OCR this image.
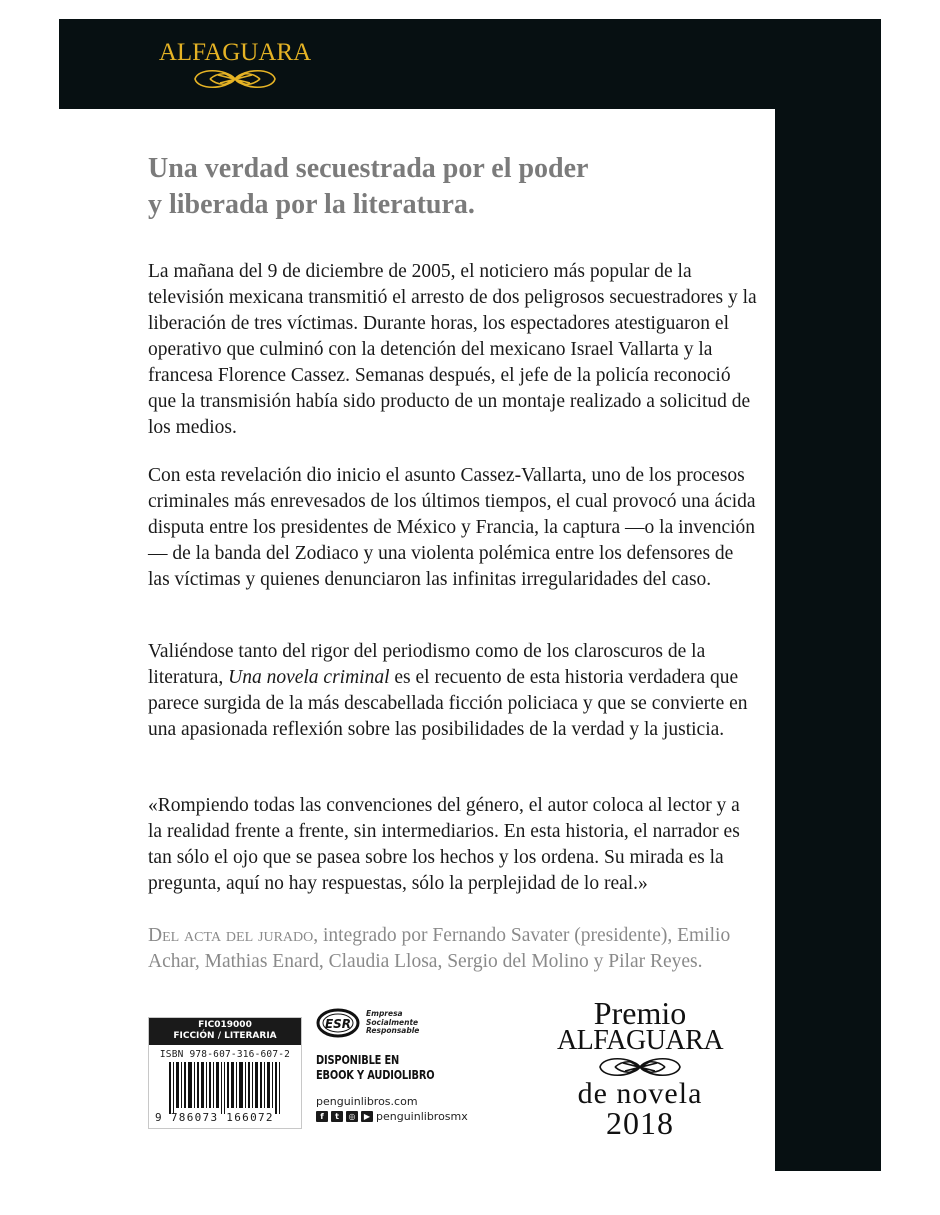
ALFAGUARA
Una verdad secuestrada por el poder
y liberada por la literatura.
La mañana del 9 de diciembre de 2005, el noticiero más popular de la televisión mexicana transmitió el arresto de dos peligrosos secuestradores y la liberación de tres víctimas. Durante horas, los espectadores atestiguaron el operativo que culminó con la detención del mexicano Israel Vallarta y la francesa Florence Cassez. Semanas después, el jefe de la policía reconoció que la transmisión había sido producto de un montaje realizado a solicitud de los medios.
Con esta revelación dio inicio el asunto Cassez-Vallarta, uno de los procesos criminales más enrevesados de los últimos tiempos, el cual provocó una ácida disputa entre los presidentes de México y Francia, la captura —o la invención— de la banda del Zodiaco y una violenta polémica entre los defensores de las víctimas y quienes denunciaron las infinitas irregularidades del caso.
Valiéndose tanto del rigor del periodismo como de los claroscuros de la literatura, Una novela criminal es el recuento de esta historia verdadera que parece surgida de la más descabellada ficción policiaca y que se convierte en una apasionada reflexión sobre las posibilidades de la verdad y la justicia.
«Rompiendo todas las convenciones del género, el autor coloca al lector y a la realidad frente a frente, sin intermediarios. En esta historia, el narrador es tan sólo el ojo que se pasea sobre los hechos y los ordena. Su mirada es la pregunta, aquí no hay respuestas, sólo la perplejidad de lo real.»
Del acta del jurado, integrado por Fernando Savater (presidente), Emilio Achar, Mathias Enard, Claudia Llosa, Sergio del Molino y Pilar Reyes.
FIC019000
FICCIÓN / LITERARIA
ISBN 978-607-316-607-2
9 786073 166072
ESR
Empresa
Socialmente
Responsable
DISPONIBLE EN
EBOOK Y AUDIOLIBRO
penguinlibros.com
f	t	◎	▶ penguinlibrosmx
Premio
ALFAGUARA
de novela
2018
